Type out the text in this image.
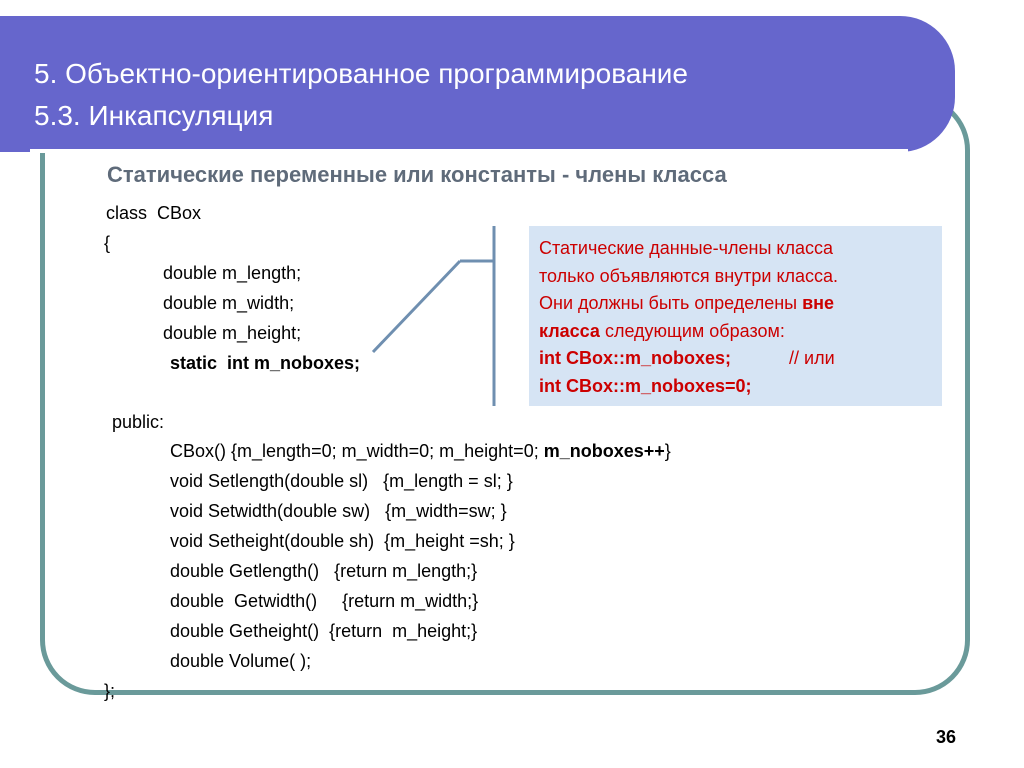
5. Объектно-ориентированное программирование
5.3. Инкапсуляция
Статические переменные или константы - члены класса
class  CBox
{
double m_length;
double m_width;
double m_height;
static  int m_noboxes;
public:
CBox() {m_length=0; m_width=0; m_height=0; m_noboxes++}
void Setlength(double sl)   {m_length = sl; }
void Setwidth(double sw)   {m_width=sw; }
void Setheight(double sh)  {m_height =sh; }
double Getlength()   {return m_length;}
double  Getwidth()     {return m_width;}
double Getheight()  {return  m_height;}
double Volume( );
};
Статические данные-члены класса
только объявляются внутри класса.
Они должны быть определены вне
класса следующим образом:
int CBox::m_noboxes;	// или
int CBox::m_noboxes=0;
36
